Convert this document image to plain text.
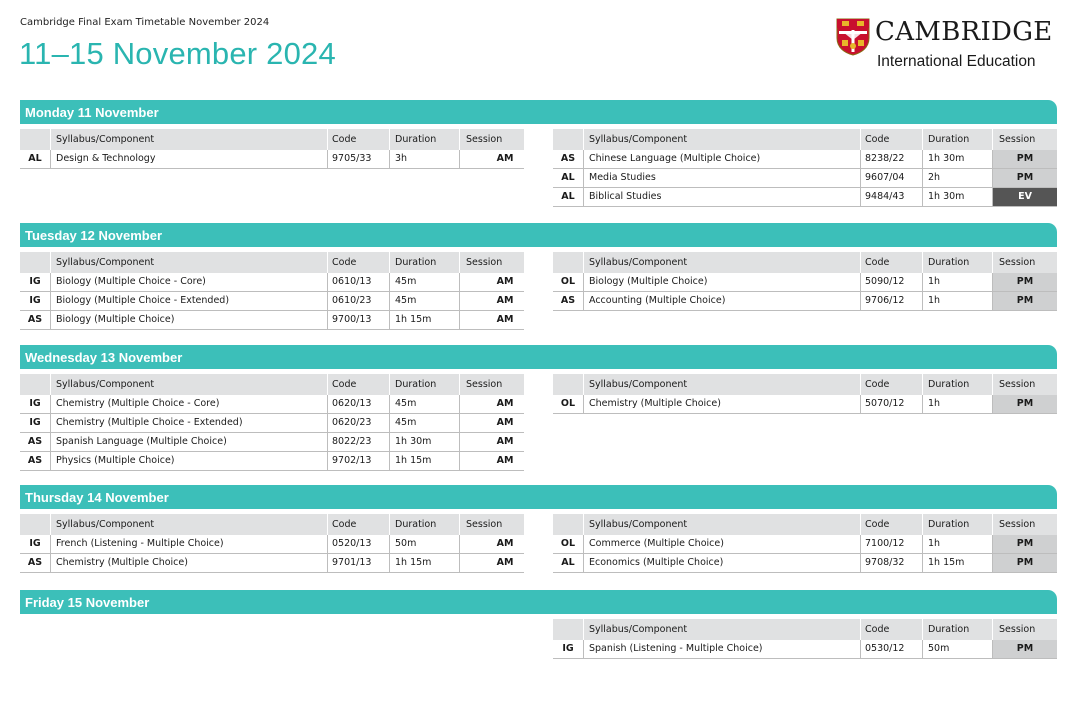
Cambridge Final Exam Timetable November 2024
11–15 November 2024
CAMBRIDGE
International Education
Monday 11 November
Syllabus/Component	Code	Duration	Session
AL	Design & Technology	9705/33	3h	AM
Syllabus/Component	Code	Duration	Session
AS	Chinese Language (Multiple Choice)	8238/22	1h 30m	PM
AL	Media Studies	9607/04	2h	PM
AL	Biblical Studies	9484/43	1h 30m	EV
Tuesday 12 November
Syllabus/Component	Code	Duration	Session
IG	Biology (Multiple Choice - Core)	0610/13	45m	AM
IG	Biology (Multiple Choice - Extended)	0610/23	45m	AM
AS	Biology (Multiple Choice)	9700/13	1h 15m	AM
Syllabus/Component	Code	Duration	Session
OL	Biology (Multiple Choice)	5090/12	1h	PM
AS	Accounting (Multiple Choice)	9706/12	1h	PM
Wednesday 13 November
Syllabus/Component	Code	Duration	Session
IG	Chemistry (Multiple Choice - Core)	0620/13	45m	AM
IG	Chemistry (Multiple Choice - Extended)	0620/23	45m	AM
AS	Spanish Language (Multiple Choice)	8022/23	1h 30m	AM
AS	Physics (Multiple Choice)	9702/13	1h 15m	AM
Syllabus/Component	Code	Duration	Session
OL	Chemistry (Multiple Choice)	5070/12	1h	PM
Thursday 14 November
Syllabus/Component	Code	Duration	Session
IG	French (Listening - Multiple Choice)	0520/13	50m	AM
AS	Chemistry (Multiple Choice)	9701/13	1h 15m	AM
Syllabus/Component	Code	Duration	Session
OL	Commerce (Multiple Choice)	7100/12	1h	PM
AL	Economics (Multiple Choice)	9708/32	1h 15m	PM
Friday 15 November
Syllabus/Component	Code	Duration	Session
IG	Spanish (Listening - Multiple Choice)	0530/12	50m	PM
